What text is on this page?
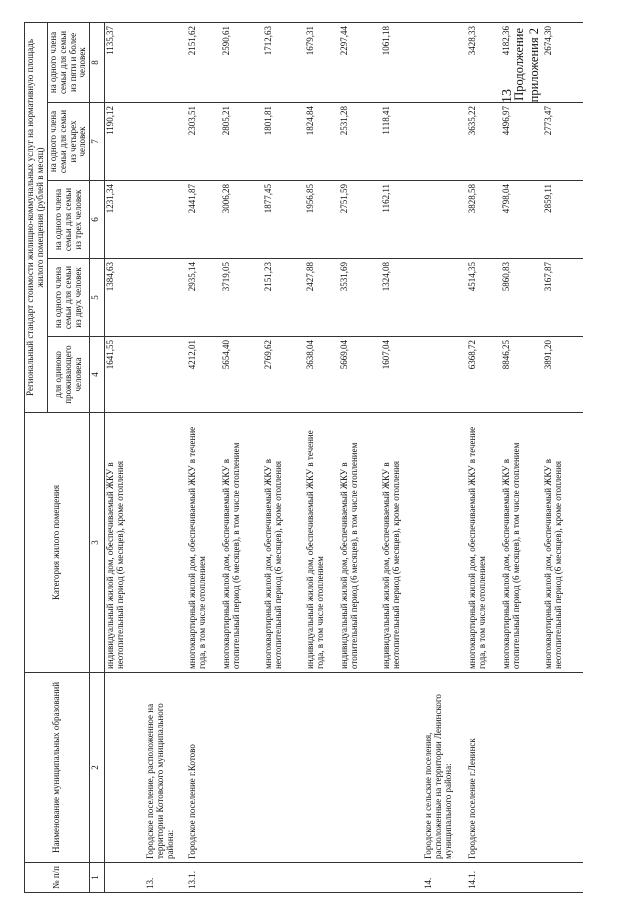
13
Продолжение приложения 2
№ п/п	Наименование муниципальных образований	Категория жилого помещения	Региональный стандарт стоимости жилищно-коммунальных услуг на нормативную площадь жилого помещения (рублей в месяц)				
			для одиноко проживающего человека	на одного члена семьи для семьи из двух человек	на одного члена семьи для семьи из трех человек	на одного члена семьи для семьи из четырех человек	на одного члена семьи для семьи из пяти и более человек

1	2	3	4	5	6	7	8
		индивидуальный жилой дом, обеспечиваемый ЖКУ в неотопительный период (6 месяцев), кроме отопления	1641,55	1384,63	1231,34	1190,12	1135,37
13.	Городское поселение, расположенное на территории Котовского муниципального района:						
13.1.	Городское поселение г.Котово	многоквартирный жилой дом, обеспечиваемый ЖКУ в течение года, в том числе отоплением	4212,01	2935,14	2441,87	2303,51	2151,62
		многоквартирный жилой дом, обеспечиваемый ЖКУ в отопительный период (6 месяцев), в том числе отоплением	5654,40	3719,05	3006,28	2805,21	2590,61
		многоквартирный жилой дом, обеспечиваемый ЖКУ в неотопительный период (6 месяцев), кроме отопления	2769,62	2151,23	1877,45	1801,81	1712,63
		индивидуальный жилой дом, обеспечиваемый ЖКУ в течение года, в том числе отоплением	3638,04	2427,88	1956,85	1824,84	1679,31
		индивидуальный жилой дом, обеспечиваемый ЖКУ в отопительный период (6 месяцев), в том числе отоплением	5669,04	3531,69	2751,59	2531,28	2297,44
		индивидуальный жилой дом, обеспечиваемый ЖКУ в неотопительный период (6 месяцев), кроме отопления	1607,04	1324,08	1162,11	1118,41	1061,18
14.	Городское и сельские поселения, расположенные на территории Ленинского муниципального района:						
14.1.	Городское поселение г.Ленинск	многоквартирный жилой дом, обеспечиваемый ЖКУ в течение года, в том числе отоплением	6368,72	4514,35	3828,58	3635,22	3428,33
		многоквартирный жилой дом, обеспечиваемый ЖКУ в отопительный период (6 месяцев), в том числе отоплением	8846,25	5860,83	4798,04	4496,97	4182,36
		многоквартирный жилой дом, обеспечиваемый ЖКУ в неотопительный период (6 месяцев), кроме отопления	3891,20	3167,87	2859,11	2773,47	2674,30
